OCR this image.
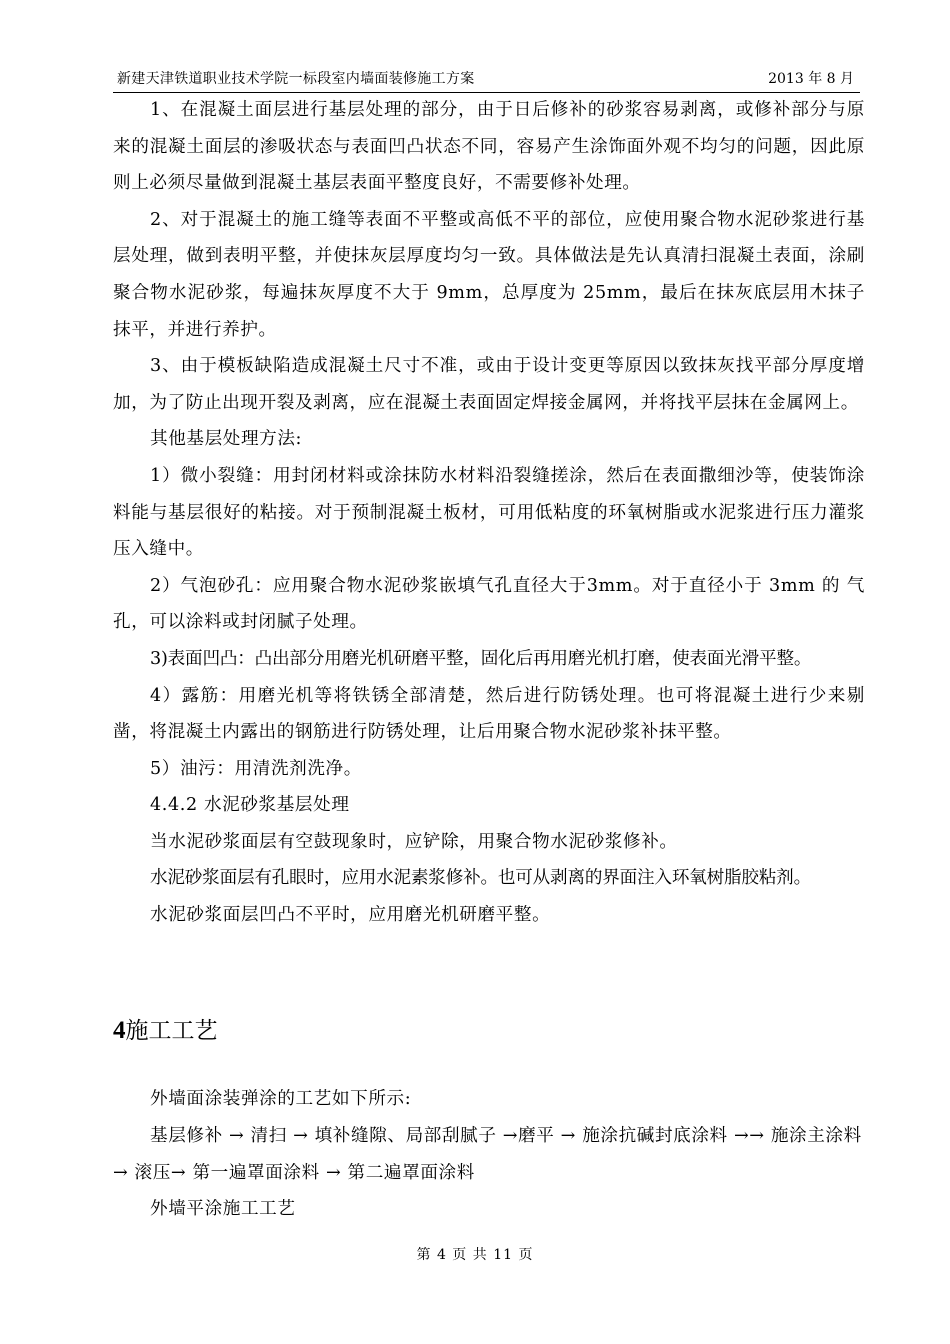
新建天津铁道职业技术学院一标段室内墙面装修施工方案	2013 年 8 月

1、在混凝土面层进行基层处理的部分，由于日后修补的砂浆容易剥离，或修补部分与原来的混凝土面层的渗吸状态与表面凹凸状态不同，容易产生涂饰面外观不均匀的问题，因此原则上必须尽量做到混凝土基层表面平整度良好，不需要修补处理。

2、对于混凝土的施工缝等表面不平整或高低不平的部位，应使用聚合物水泥砂浆进行基层处理，做到表明平整，并使抹灰层厚度均匀一致。具体做法是先认真清扫混凝土表面，涂刷聚合物水泥砂浆，每遍抹灰厚度不大于 9mm，总厚度为 25mm，最后在抹灰底层用木抹子抹平，并进行养护。

3、由于模板缺陷造成混凝土尺寸不准，或由于设计变更等原因以致抹灰找平部分厚度增加，为了防止出现开裂及剥离，应在混凝土表面固定焊接金属网，并将找平层抹在金属网上。

其他基层处理方法:

1）微小裂缝：用封闭材料或涂抹防水材料沿裂缝搓涂，然后在表面撒细沙等，使装饰涂料能与基层很好的粘接。对于预制混凝土板材，可用低粘度的环氧树脂或水泥浆进行压力灌浆压入缝中。

2）气泡砂孔：应用聚合物水泥砂浆嵌填气孔直径大于3mm。对于直径小于 3mm 的 气孔，可以涂料或封闭腻子处理。

3)表面凹凸：凸出部分用磨光机研磨平整，固化后再用磨光机打磨，使表面光滑平整。

4）露筋：用磨光机等将铁锈全部清楚，然后进行防锈处理。也可将混凝土进行少来剔凿，将混凝土内露出的钢筋进行防锈处理，让后用聚合物水泥砂浆补抹平整。

5）油污：用清洗剂洗净。

4.4.2 水泥砂浆基层处理

当水泥砂浆面层有空鼓现象时，应铲除，用聚合物水泥砂浆修补。

水泥砂浆面层有孔眼时，应用水泥素浆修补。也可从剥离的界面注入环氧树脂胶粘剂。

水泥砂浆面层凹凸不平时，应用磨光机研磨平整。

4施工工艺

外墙面涂装弹涂的工艺如下所示:

基层修补 → 清扫 → 填补缝隙、局部刮腻子 →磨平 → 施涂抗碱封底涂料 →→ 施涂主涂料 → 滚压→ 第一遍罩面涂料 → 第二遍罩面涂料

外墙平涂施工工艺

第 4 页 共 11 页
